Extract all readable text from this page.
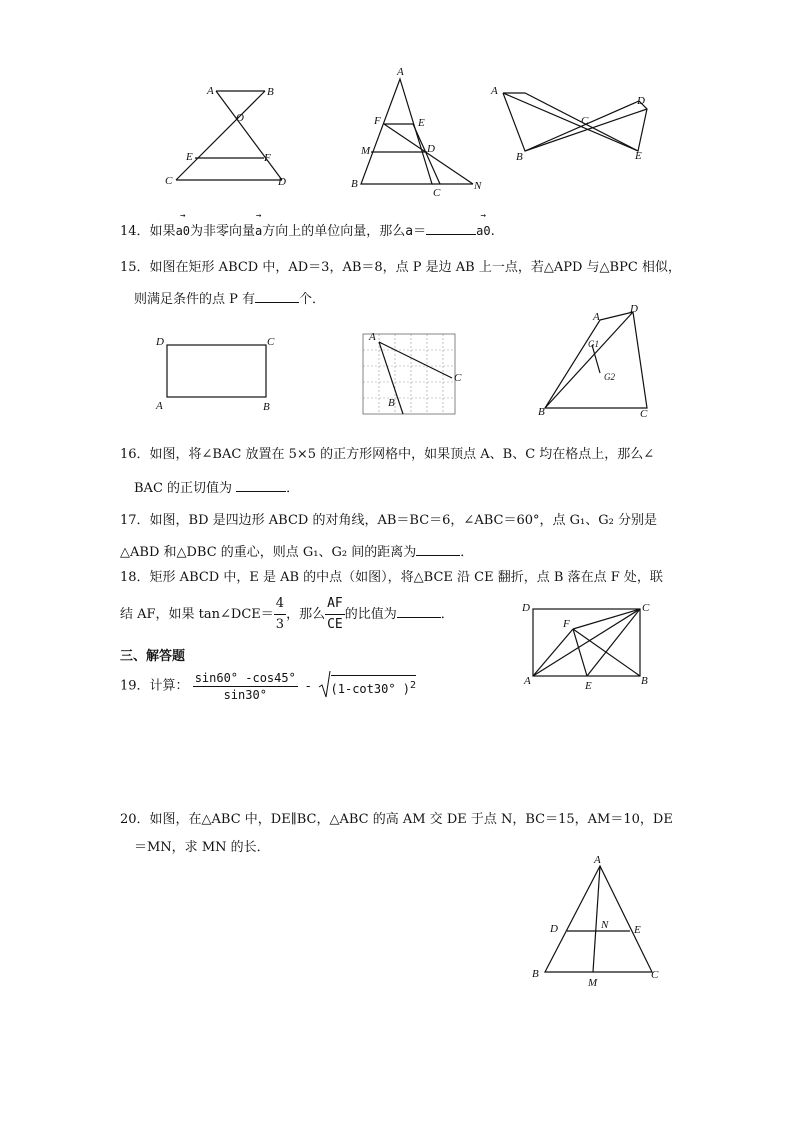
A	B
O
E	F
C	D
A
F	E
M	D
B
C
N
A
B
C
D
E
14．如果
→
a0为非零向量
→
a方向上的单位向量，那么a＝
→
a0.
15．如图在矩形 ABCD 中，AD＝3，AB＝8，点 P 是边 AB 上一点，若△APD 与△BPC 相似，
则满足条件的点 P 有	个．
D	C
A	B
A
C
B
A
D
G1
G2
B	C
16．如图，将∠BAC 放置在 5×5 的正方形网格中，如果顶点 A、B、C 均在格点上，那么∠
BAC 的正切值为	．
17．如图，BD 是四边形 ABCD 的对角线，AB＝BC＝6，∠ABC＝60°，点 G₁、G₂ 分别是
△ABD 和△DBC 的重心，则点 G₁、G₂ 间的距离为	．
18．矩形 ABCD 中，E 是 AB 的中点（如图），将△BCE 沿 CE 翻折，点 B 落在点 F 处，联
结 AF，如果 tan∠DCE＝ $\frac{4}{3}$ ，那么 $\frac{AF}{CE}$ 的比值为	．	D	C
F
A	E	B
三、解答题
19．计算： $\frac{\sin 60^\circ -\cos 45^\circ}{\sin 30^\circ} - (1-\cot 30^\circ$ )$^2$
20．如图，在△ABC 中，DE∥BC，△ABC 的高 AM 交 DE 于点 N，BC＝15，AM＝10，DE
＝MN，求 MN 的长．
A
N
D	E
B
M
C
